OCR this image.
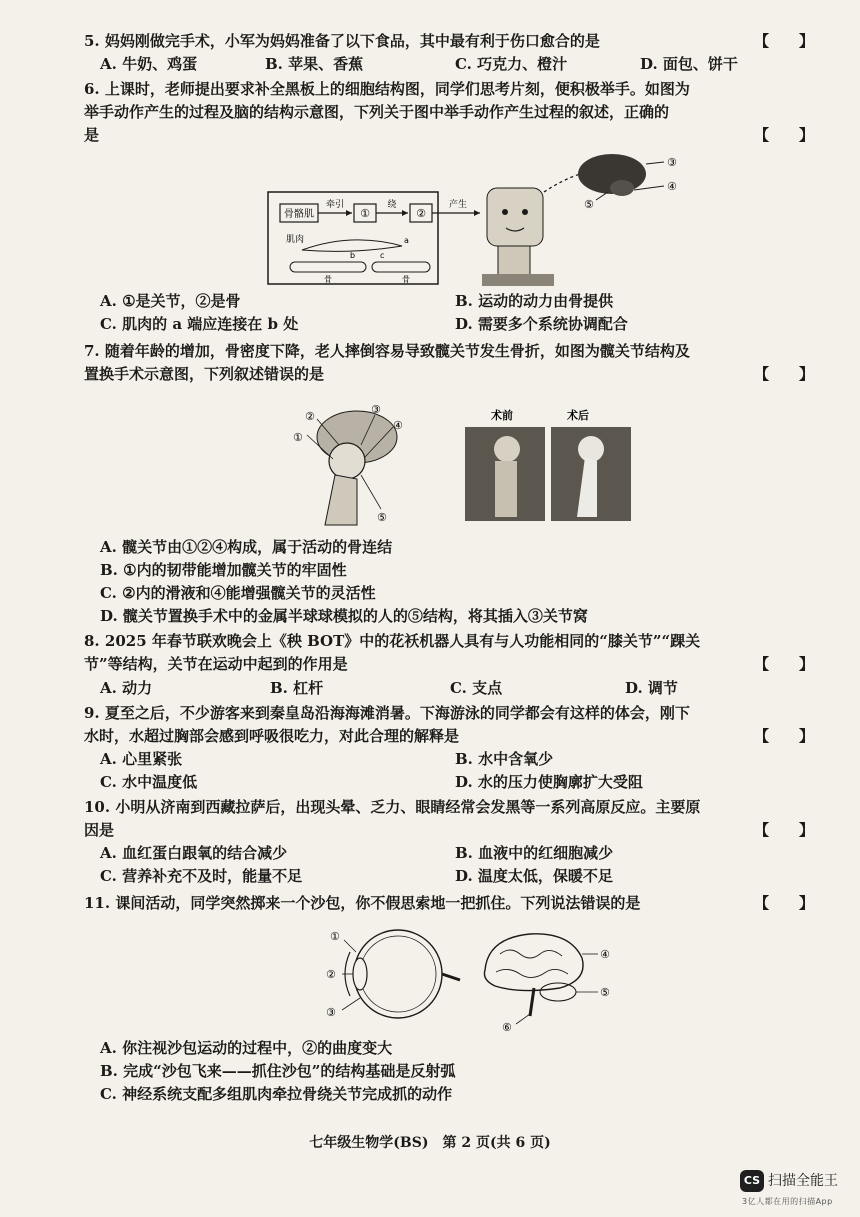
5. 妈妈刚做完手术，小军为妈妈准备了以下食品，其中最有利于伤口愈合的是	【　　】
A. 牛奶、鸡蛋	B. 苹果、香蕉	C. 巧克力、橙汁	D. 面包、饼干
6. 上课时，老师提出要求补全黑板上的细胞结构图，同学们思考片刻，便积极举手。如图为
举手动作产生的过程及脑的结构示意图，下列关于图中举手动作产生过程的叙述，正确的
是	【　　】
骨骼肌
牵引
①
绕
②
产生
肌肉	a
b	c
骨	骨
③
④
⑤
A. ①是关节，②是骨	B. 运动的动力由骨提供
C. 肌肉的 a 端应连接在 b 处	D. 需要多个系统协调配合
7. 随着年龄的增加，骨密度下降，老人摔倒容易导致髋关节发生骨折，如图为髋关节结构及
置换手术示意图，下列叙述错误的是	【　　】
②
①
③
④
⑤
术前	术后
A. 髋关节由①②④构成，属于活动的骨连结
B. ①内的韧带能增加髋关节的牢固性
C. ②内的滑液和④能增强髋关节的灵活性
D. 髋关节置换手术中的金属半球球模拟的人的⑤结构，将其插入③关节窝
8. 2025 年春节联欢晚会上《秧 BOT》中的花袄机器人具有与人功能相同的“膝关节”“踝关
节”等结构，关节在运动中起到的作用是	【　　】
A. 动力	B. 杠杆	C. 支点	D. 调节
9. 夏至之后，不少游客来到秦皇岛沿海海滩消暑。下海游泳的同学都会有这样的体会，刚下
水时，水超过胸部会感到呼吸很吃力，对此合理的解释是	【　　】
A. 心里紧张	B. 水中含氧少
C. 水中温度低	D. 水的压力使胸廓扩大受阻
10. 小明从济南到西藏拉萨后，出现头晕、乏力、眼睛经常会发黑等一系列高原反应。主要原
因是	【　　】
A. 血红蛋白跟氧的结合减少	B. 血液中的红细胞减少
C. 营养补充不及时，能量不足	D. 温度太低，保暖不足
11. 课间活动，同学突然掷来一个沙包，你不假思索地一把抓住。下列说法错误的是	【　　】
①
②
③
④
⑤
⑥
A. 你注视沙包运动的过程中，②的曲度变大
B. 完成“沙包飞来——抓住沙包”的结构基础是反射弧
C. 神经系统支配多组肌肉牵拉骨绕关节完成抓的动作
七年级生物学(BS)　第 2 页(共 6 页)
CS 扫描全能王
3亿人都在用的扫描App
